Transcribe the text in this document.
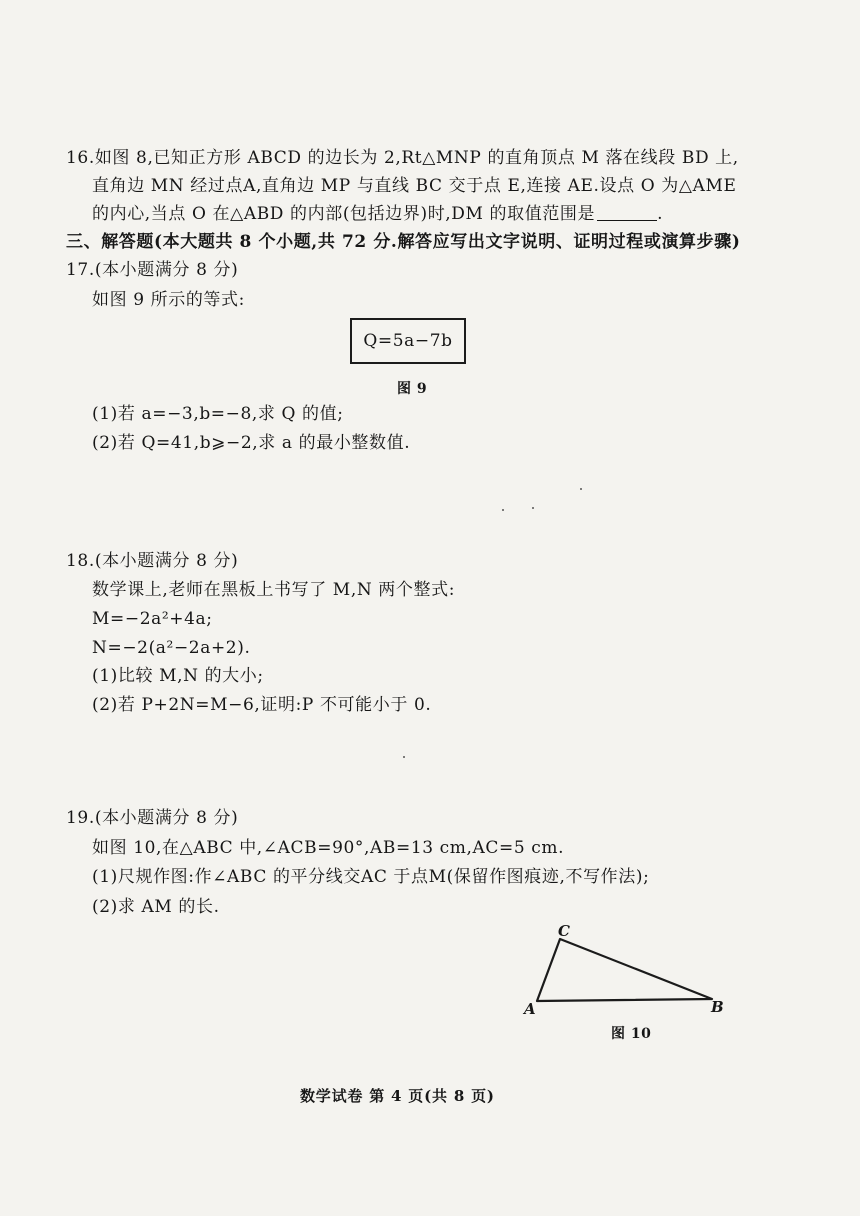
16.如图 8,已知正方形 ABCD 的边长为 2,Rt△MNP 的直角顶点 M 落在线段 BD 上,
直角边 MN 经过点A,直角边 MP 与直线 BC 交于点 E,连接 AE.设点 O 为△AME
的内心,当点 O 在△ABD 的内部(包括边界)时,DM 的取值范围是	.
三、解答题(本大题共 8 个小题,共 72 分.解答应写出文字说明、证明过程或演算步骤)
17.(本小题满分 8 分)
如图 9 所示的等式:
Q=5a−7b
图 9
(1)若 a=−3,b=−8,求 Q 的值;
(2)若 Q=41,b⩾−2,求 a 的最小整数值.
18.(本小题满分 8 分)
数学课上,老师在黑板上书写了 M,N 两个整式:
M=−2a²+4a;
N=−2(a²−2a+2).
(1)比较 M,N 的大小;
(2)若 P+2N=M−6,证明:P 不可能小于 0.
19.(本小题满分 8 分)
如图 10,在△ABC 中,∠ACB=90°,AB=13 cm,AC=5 cm.
(1)尺规作图:作∠ABC 的平分线交AC 于点M(保留作图痕迹,不写作法);
(2)求 AM 的长.
C
A	B
图 10
数学试卷 第 4 页(共 8 页)
